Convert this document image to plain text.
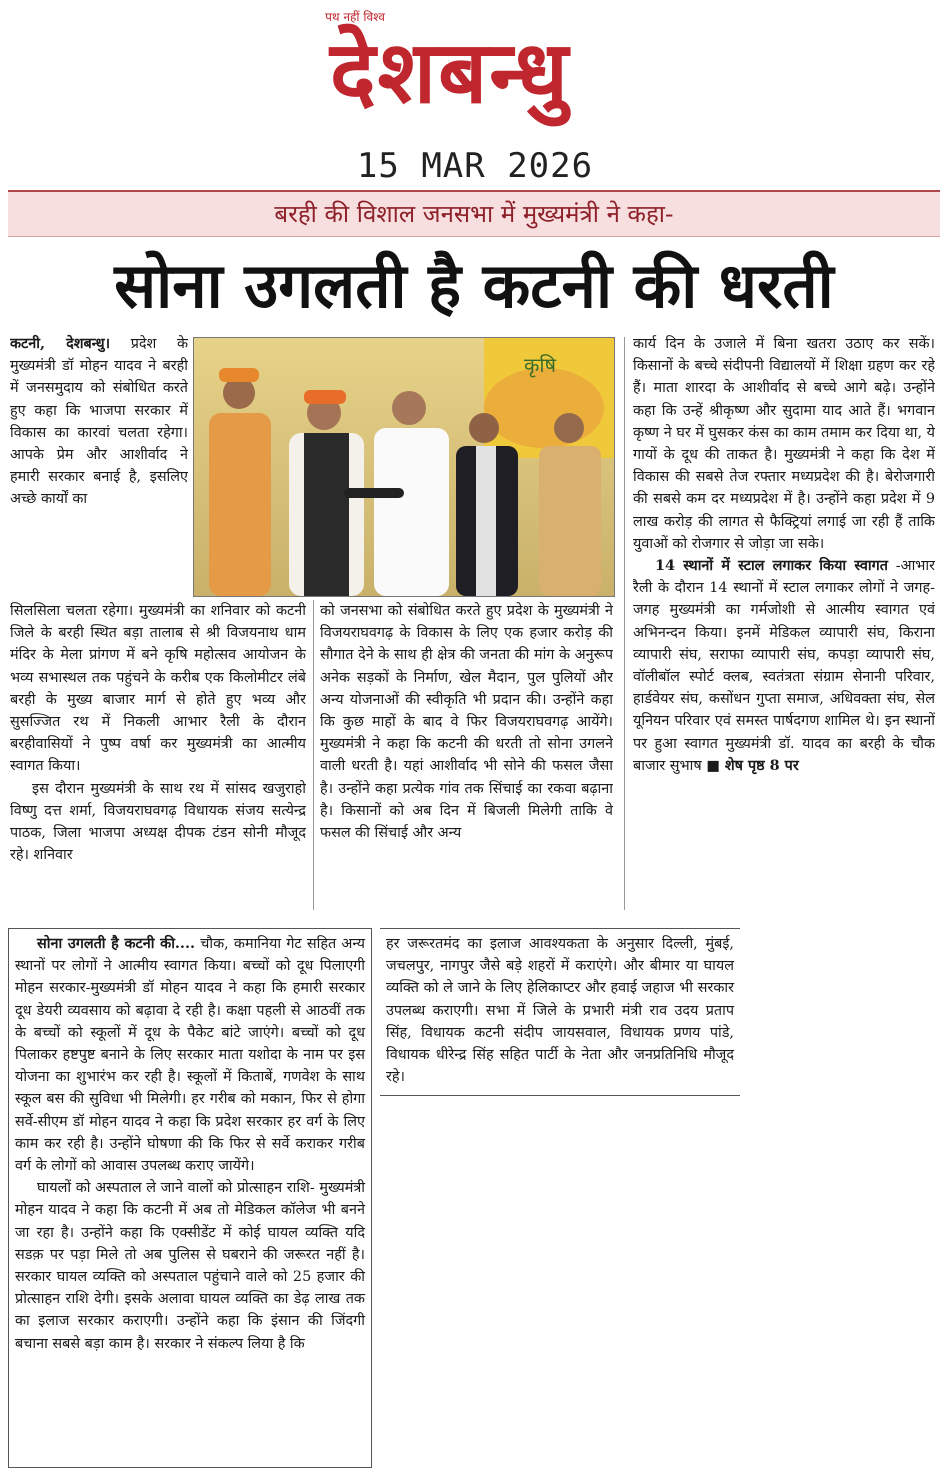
पथ नहीं विश्व
देशबन्धु
15 MAR 2026
बरही की विशाल जनसभा में मुख्यमंत्री ने कहा-
सोना उगलती है कटनी की धरती
कृषि

कटनी, देशबन्धु। प्रदेश के मुख्यमंत्री डॉ मोहन यादव ने बरही में जनसमुदाय को संबोधित करते हुए कहा कि भाजपा सरकार में विकास का कारवां चलता रहेगा। आपके प्रेम और आशीर्वाद ने हमारी सरकार बनाई है, इसलिए अच्छे कार्यों का

सिलसिला चलता रहेगा। मुख्यमंत्री का शनिवार को कटनी जिले के बरही स्थित बड़ा तालाब से श्री विजयनाथ धाम मंदिर के मेला प्रांगण में बने कृषि महोत्सव आयोजन के भव्य सभास्थल तक पहुंचने के करीब एक किलोमीटर लंबे बरही के मुख्य बाजार मार्ग से होते हुए भव्य और सुसज्जित रथ में निकली आभार रैली के दौरान बरहीवासियों ने पुष्प वर्षा कर मुख्यमंत्री का आत्मीय स्वागत किया।

इस दौरान मुख्यमंत्री के साथ रथ में सांसद खजुराहो विष्णु दत्त शर्मा, विजयराघवगढ़ विधायक संजय सत्येन्द्र पाठक, जिला भाजपा अध्यक्ष दीपक टंडन सोनी मौजूद रहे। शनिवार

को जनसभा को संबोधित करते हुए प्रदेश के मुख्यमंत्री ने विजयराघवगढ़ के विकास के लिए एक हजार करोड़ की सौगात देने के साथ ही क्षेत्र की जनता की मांग के अनुरूप अनेक सड़कों के निर्माण, खेल मैदान, पुल पुलियों और अन्य योजनाओं की स्वीकृति भी प्रदान की। उन्होंने कहा कि कुछ माहों के बाद वे फिर विजयराघवगढ़ आयेंगे। मुख्यमंत्री ने कहा कि कटनी की धरती तो सोना उगलने वाली धरती है। यहां आशीर्वाद भी सोने की फसल जैसा है। उन्होंने कहा प्रत्येक गांव तक सिंचाई का रकवा बढ़ाना है। किसानों को अब दिन में बिजली मिलेगी ताकि वे फसल की सिंचाई और अन्य

कार्य दिन के उजाले में बिना खतरा उठाए कर सकें। किसानों के बच्चे संदीपनी विद्यालयों में शिक्षा ग्रहण कर रहे हैं। माता शारदा के आशीर्वाद से बच्चे आगे बढ़े। उन्होंने कहा कि उन्हें श्रीकृष्ण और सुदामा याद आते हैं। भगवान कृष्ण ने घर में घुसकर कंस का काम तमाम कर दिया था, ये गायों के दूध की ताकत है। मुख्यमंत्री ने कहा कि देश में विकास की सबसे तेज रफ्तार मध्यप्रदेश की है। बेरोजगारी की सबसे कम दर मध्यप्रदेश में है। उन्होंने कहा प्रदेश में 9 लाख करोड़ की लागत से फैक्ट्रियां लगाई जा रही हैं ताकि युवाओं को रोजगार से जोड़ा जा सके।

14 स्थानों में स्टाल लगाकर किया स्वागत -आभार रैली के दौरान 14 स्थानों में स्टाल लगाकर लोगों ने जगह-जगह मुख्यमंत्री का गर्मजोशी से आत्मीय स्वागत एवं अभिनन्दन किया। इनमें मेडिकल व्यापारी संघ, किराना व्यापारी संघ, सराफा व्यापारी संघ, कपड़ा व्यापारी संघ, वॉलीबॉल स्पोर्ट क्लब, स्वतंत्रता संग्राम सेनानी परिवार, हार्डवेयर संघ, कसोंधन गुप्ता समाज, अधिवक्ता संघ, सेल यूनियन परिवार एवं समस्त पार्षदगण शामिल थे। इन स्थानों पर हुआ स्वागत मुख्यमंत्री डॉ. यादव का बरही के चौक बाजार सुभाष ■ शेष पृष्ठ 8 पर

सोना उगलती है कटनी की.... चौक, कमानिया गेट सहित अन्य स्थानों पर लोगों ने आत्मीय स्वागत किया। बच्चों को दूध पिलाएगी मोहन सरकार-मुख्यमंत्री डॉ मोहन यादव ने कहा कि हमारी सरकार दूध डेयरी व्यवसाय को बढ़ावा दे रही है। कक्षा पहली से आठवीं तक के बच्चों को स्कूलों में दूध के पैकेट बांटे जाएंगे। बच्चों को दूध पिलाकर हष्टपुष्ट बनाने के लिए सरकार माता यशोदा के नाम पर इस योजना का शुभारंभ कर रही है। स्कूलों में किताबें, गणवेश के साथ स्कूल बस की सुविधा भी मिलेगी। हर गरीब को मकान, फिर से होगा सर्वे-सीएम डॉ मोहन यादव ने कहा कि प्रदेश सरकार हर वर्ग के लिए काम कर रही है। उन्होंने घोषणा की कि फिर से सर्वे कराकर गरीब वर्ग के लोगों को आवास उपलब्ध कराए जायेंगे।

घायलों को अस्पताल ले जाने वालों को प्रोत्साहन राशि- मुख्यमंत्री मोहन यादव ने कहा कि कटनी में अब तो मेडिकल कॉलेज भी बनने जा रहा है। उन्होंने कहा कि एक्सीडेंट में कोई घायल व्यक्ति यदि सडक़ पर पड़ा मिले तो अब पुलिस से घबराने की जरूरत नहीं है। सरकार घायल व्यक्ति को अस्पताल पहुंचाने वाले को 25 हजार की प्रोत्साहन राशि देगी। इसके अलावा घायल व्यक्ति का डेढ़ लाख तक का इलाज सरकार कराएगी। उन्होंने कहा कि इंसान की जिंदगी बचाना सबसे बड़ा काम है। सरकार ने संकल्प लिया है कि

हर जरूरतमंद का इलाज आवश्यकता के अनुसार दिल्ली, मुंबई, जचलपुर, नागपुर जैसे बड़े शहरों में कराएंगे। और बीमार या घायल व्यक्ति को ले जाने के लिए हेलिकाप्टर और हवाई जहाज भी सरकार उपलब्ध कराएगी। सभा में जिले के प्रभारी मंत्री राव उदय प्रताप सिंह, विधायक कटनी संदीप जायसवाल, विधायक प्रणय पांडे, विधायक धीरेन्द्र सिंह सहित पार्टी के नेता और जनप्रतिनिधि मौजूद रहे।
